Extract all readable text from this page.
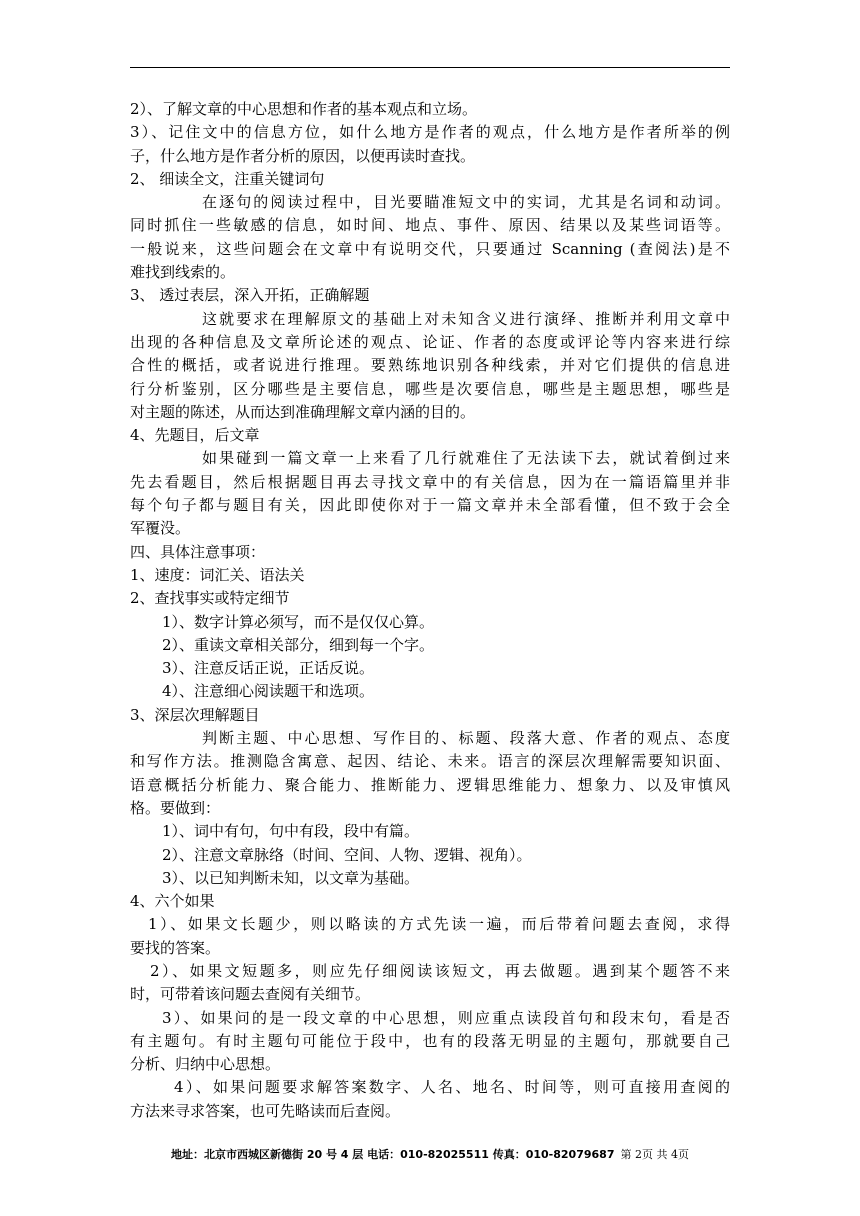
2）、了解文章的中心思想和作者的基本观点和立场。
3）、记住文中的信息方位，如什么地方是作者的观点，什么地方是作者所举的例
子，什么地方是作者分析的原因，以便再读时查找。
2、 细读全文，注重关键词句
在逐句的阅读过程中，目光要瞄准短文中的实词，尤其是名词和动词。
同时抓住一些敏感的信息，如时间、地点、事件、原因、结果以及某些词语等。
一般说来，这些问题会在文章中有说明交代，只要通过 Scanning (查阅法)是不
难找到线索的。
3、 透过表层，深入开拓，正确解题
这就要求在理解原文的基础上对未知含义进行演绎、推断并利用文章中
出现的各种信息及文章所论述的观点、论证、作者的态度或评论等内容来进行综
合性的概括，或者说进行推理。要熟练地识别各种线索，并对它们提供的信息进
行分析鉴别，区分哪些是主要信息，哪些是次要信息，哪些是主题思想，哪些是
对主题的陈述，从而达到准确理解文章内涵的目的。
4、先题目，后文章
如果碰到一篇文章一上来看了几行就难住了无法读下去，就试着倒过来
先去看题目，然后根据题目再去寻找文章中的有关信息，因为在一篇语篇里并非
每个句子都与题目有关，因此即使你对于一篇文章并未全部看懂，但不致于会全
军覆没。
四、具体注意事项：
1、速度：词汇关、语法关
2、查找事实或特定细节
1）、数字计算必须写，而不是仅仅心算。
2）、重读文章相关部分，细到每一个字。
3）、注意反话正说，正话反说。
4）、注意细心阅读题干和选项。
3、深层次理解题目
判断主题、中心思想、写作目的、标题、段落大意、作者的观点、态度
和写作方法。推测隐含寓意、起因、结论、未来。语言的深层次理解需要知识面、
语意概括分析能力、聚合能力、推断能力、逻辑思维能力、想象力、以及审慎风
格。要做到：
1）、词中有句，句中有段，段中有篇。
2）、注意文章脉络（时间、空间、人物、逻辑、视角）。
3）、以已知判断未知，以文章为基础。
4、六个如果
1）、如果文长题少，则以略读的方式先读一遍，而后带着问题去查阅，求得
要找的答案。
2）、如果文短题多，则应先仔细阅读该短文，再去做题。遇到某个题答不来
时，可带着该问题去查阅有关细节。
3）、如果问的是一段文章的中心思想，则应重点读段首句和段末句，看是否
有主题句。有时主题句可能位于段中，也有的段落无明显的主题句，那就要自己
分析、归纳中心思想。
4）、如果问题要求解答案数字、人名、地名、时间等，则可直接用查阅的
方法来寻求答案，也可先略读而后查阅。
地址：北京市西城区新德街 20 号 4 层 电话：010-82025511 传真：010-82079687 第 2页 共 4页
